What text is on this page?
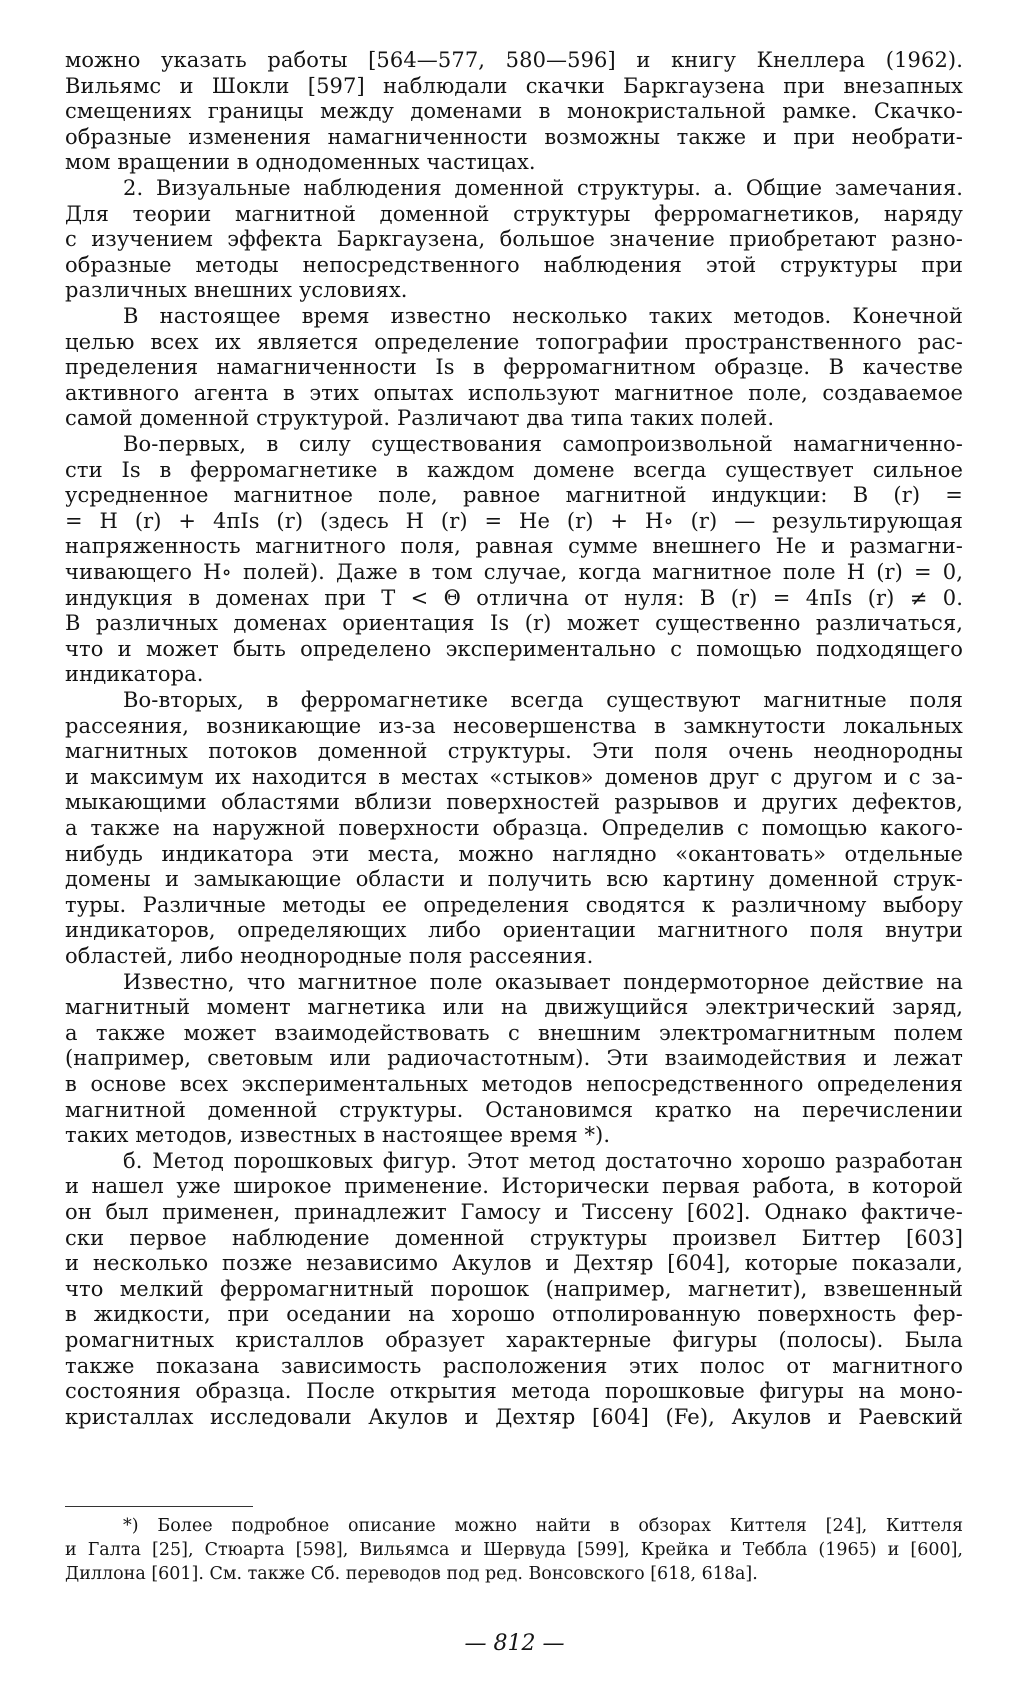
можно указать работы [564—577, 580—596] и книгу Кнеллера (1962).
Вильямс и Шокли [597] наблюдали скачки Баркгаузена при внезапных
смещениях границы между доменами в монокристальной рамке. Скачко-
образные изменения намагниченности возможны также и при необрати-
мом вращении в однодоменных частицах.
2. Визуальные наблюдения доменной структуры. а. Общие замечания.
Для теории магнитной доменной структуры ферромагнетиков, наряду
с изучением эффекта Баркгаузена, большое значение приобретают разно-
образные методы непосредственного наблюдения этой структуры при
различных внешних условиях.
В настоящее время известно несколько таких методов. Конечной
целью всех их является определение топографии пространственного рас-
пределения намагниченности Is в ферромагнитном образце. В качестве
активного агента в этих опытах используют магнитное поле, создаваемое
самой доменной структурой. Различают два типа таких полей.
Во-первых, в силу существования самопроизвольной намагниченно-
сти Is в ферромагнетике в каждом домене всегда существует сильное
усредненное магнитное поле, равное магнитной индукции: B (r) =
= H (r) + 4πIs (r) (здесь H (r) = He (r) + H∘ (r) — результирующая
напряженность магнитного поля, равная сумме внешнего He и размагни-
чивающего H∘ полей). Даже в том случае, когда магнитное поле H (r) = 0,
индукция в доменах при T < Θ отлична от нуля: B (r) = 4πIs (r) ≠ 0.
В различных доменах ориентация Is (r) может существенно различаться,
что и может быть определено экспериментально с помощью подходящего
индикатора.
Во-вторых, в ферромагнетике всегда существуют магнитные поля
рассеяния, возникающие из-за несовершенства в замкнутости локальных
магнитных потоков доменной структуры. Эти поля очень неоднородны
и максимум их находится в местах «стыков» доменов друг с другом и с за-
мыкающими областями вблизи поверхностей разрывов и других дефектов,
а также на наружной поверхности образца. Определив с помощью какого-
нибудь индикатора эти места, можно наглядно «окантовать» отдельные
домены и замыкающие области и получить всю картину доменной струк-
туры. Различные методы ее определения сводятся к различному выбору
индикаторов, определяющих либо ориентации магнитного поля внутри
областей, либо неоднородные поля рассеяния.
Известно, что магнитное поле оказывает пондермоторное действие на
магнитный момент магнетика или на движущийся электрический заряд,
а также может взаимодействовать с внешним электромагнитным полем
(например, световым или радиочастотным). Эти взаимодействия и лежат
в основе всех экспериментальных методов непосредственного определения
магнитной доменной структуры. Остановимся кратко на перечислении
таких методов, известных в настоящее время *).
б. Метод порошковых фигур. Этот метод достаточно хорошо разработан
и нашел уже широкое применение. Исторически первая работа, в которой
он был применен, принадлежит Гамосу и Тиссену [602]. Однако фактиче-
ски первое наблюдение доменной структуры произвел Биттер [603]
и несколько позже независимо Акулов и Дехтяр [604], которые показали,
что мелкий ферромагнитный порошок (например, магнетит), взвешенный
в жидкости, при оседании на хорошо отполированную поверхность фер-
ромагнитных кристаллов образует характерные фигуры (полосы). Была
также показана зависимость расположения этих полос от магнитного
состояния образца. После открытия метода порошковые фигуры на моно-
кристаллах исследовали Акулов и Дехтяр [604] (Fe), Акулов и Раевский
*) Более подробное описание можно найти в обзорах Киттеля [24], Киттеля
и Галта [25], Стюарта [598], Вильямса и Шервуда [599], Крейка и Теббла (1965) и [600],
Диллона [601]. См. также Сб. переводов под ред. Вонсовского [618, 618а].
— 812 —
